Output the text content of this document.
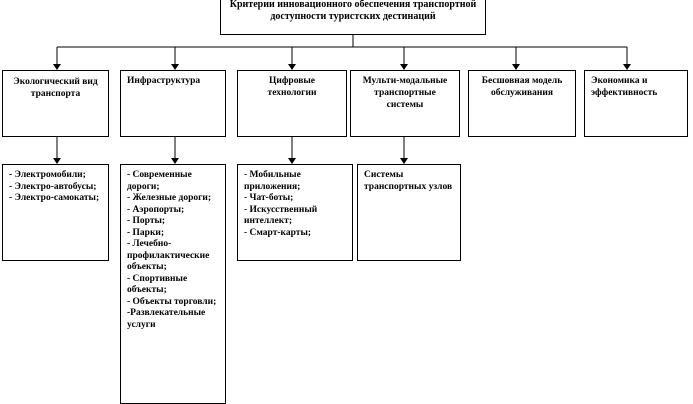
Критерии инновационного обеспечения транспортной доступности туристских дестинаций
Экологический вид транспорта
Инфраструктура	Цифровые технологии
Мульти-модальные транспортные системы
Бесшовная модель обслуживания
Экономика и эффективность
- Электромобили;
- Электро-автобусы;
- Электро-самокаты;
- Современные дороги;
- Железные дороги;
- Аэропорты;
- Порты;
- Парки;
- Лечебно-профилактические объекты;
- Спортивные объекты;
- Объекты торговли;
-Развлекательные услуги
- Мобильные приложения;
- Чат-боты;
- Искусственный интеллект;
- Смарт-карты;
Системы транспортных узлов
